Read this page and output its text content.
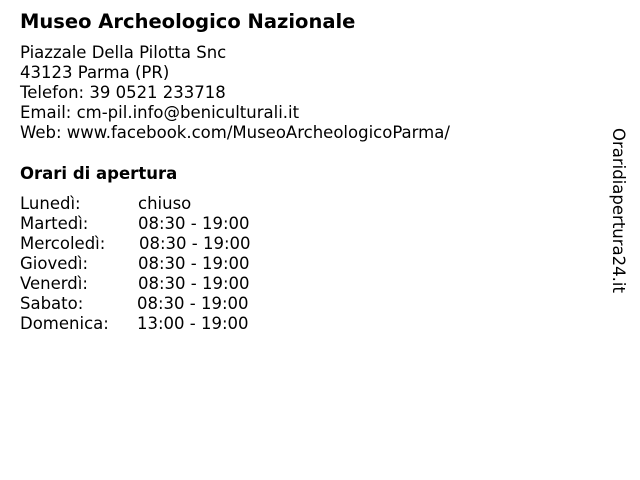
Museo Archeologico Nazionale
Piazzale Della Pilotta Snc
43123 Parma (PR)
Telefon: 39 0521 233718
Email: cm-pil.info@beniculturali.it
Web: www.facebook.com/MuseoArcheologicoParma/
Orari di apertura
Lunedì:	chiuso
Martedì:	08:30 - 19:00
Mercoledì: 08:30 - 19:00
Giovedì:	08:30 - 19:00
Venerdì:	08:30 - 19:00
Sabato:	08:30 - 19:00
Domenica: 13:00 - 19:00
Oraridiapertura24.it
